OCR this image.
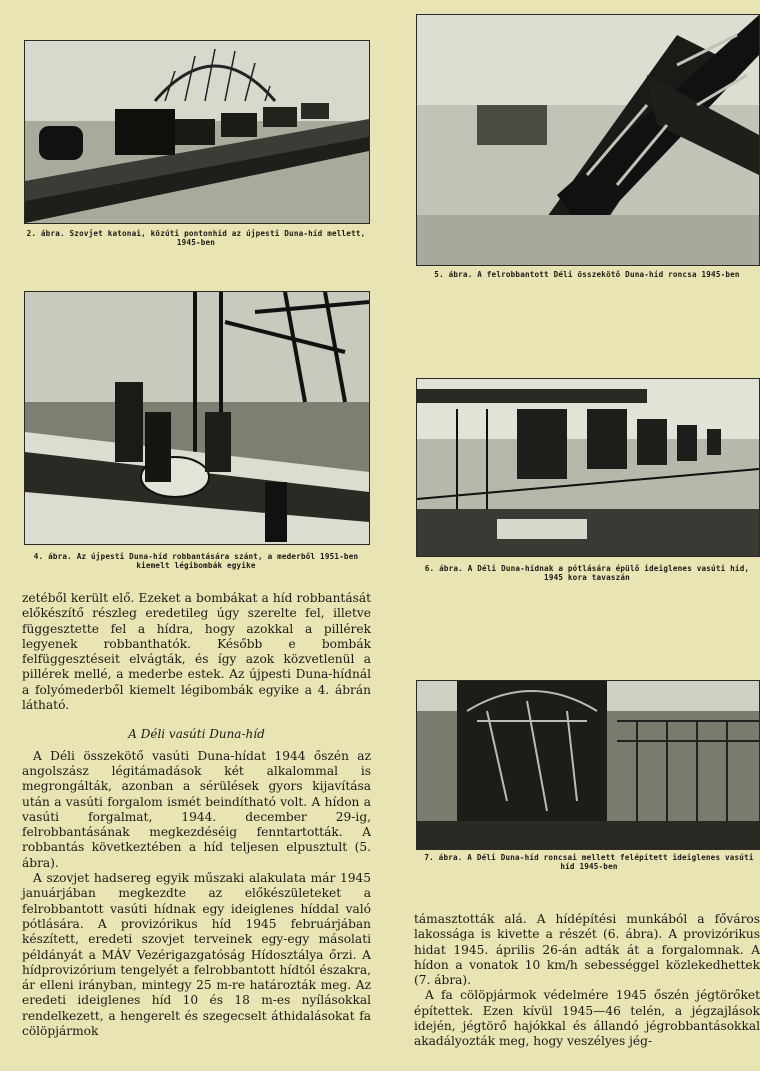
2. ábra. Szovjet katonai, közúti pontonhíd az újpesti Duna-híd mellett, 1945-ben
5. ábra. A felrobbantott Déli összekötő Duna-híd roncsa 1945-ben
4. ábra. Az újpesti Duna-híd robbantására szánt, a mederből 1951-ben kiemelt légibombák egyike	6. ábra. A Déli Duna-hídnak a pótlására épülő ideiglenes vasúti híd, 1945 kora tavaszán
7. ábra. A Déli Duna-híd roncsai mellett felépített ideiglenes vasúti híd 1945-ben

zetéből került elő. Ezeket a bombákat a híd robbantását előkészítő részleg eredetileg úgy szerelte fel, illetve függesztette fel a hídra, hogy azokkal a pillérek legyenek robbanthatók. Később e bombák felfüggesztéseit elvágták, és így azok közvetlenül a pillérek mellé, a mederbe estek. Az újpesti Duna-hídnál a folyómederből kiemelt légibombák egyike a 4. ábrán látható.

A Déli vasúti Duna-híd

A Déli összekötő vasúti Duna-hídat 1944 őszén az angolszász légitámadások két alkalommal is megrongálták, azonban a sérülések gyors kijavítása után a vasúti forgalom ismét beindítható volt. A hídon a vasúti forgalmat, 1944. december 29-ig, felrobbantásának megkezdéséig fenntartották. A robbantás következtében a híd teljesen elpusztult (5. ábra).

A szovjet hadsereg egyik műszaki alakulata már 1945 januárjában megkezdte az előkészületeket a felrobbantott vasúti hídnak egy ideiglenes híddal való pótlására. A provizórikus híd 1945 februárjában készített, eredeti szovjet terveinek egy-egy másolati példányát a MÁV Vezérigazgatóság Hídosztálya őrzi. A hídprovizórium tengelyét a felrobbantott hídtól északra, ár elleni irányban, mintegy 25 m-re határozták meg. Az eredeti ideiglenes híd 10 és 18 m-es nyílásokkal rendelkezett, a hengerelt és szegecselt áthidalásokat fa cölöpjármok

támasztották alá. A hídépítési munkából a főváros lakossága is kivette a részét (6. ábra). A provizórikus hidat 1945. április 26-án adták át a forgalomnak. A hídon a vonatok 10 km/h sebességgel közlekedhettek (7. ábra).

A fa cölöpjármok védelmére 1945 őszén jégtörőket építettek. Ezen kívül 1945—46 telén, a jégzajlások idején, jégtörő hajókkal és állandó jégrobbantásokkal akadályozták meg, hogy veszélyes jég-
